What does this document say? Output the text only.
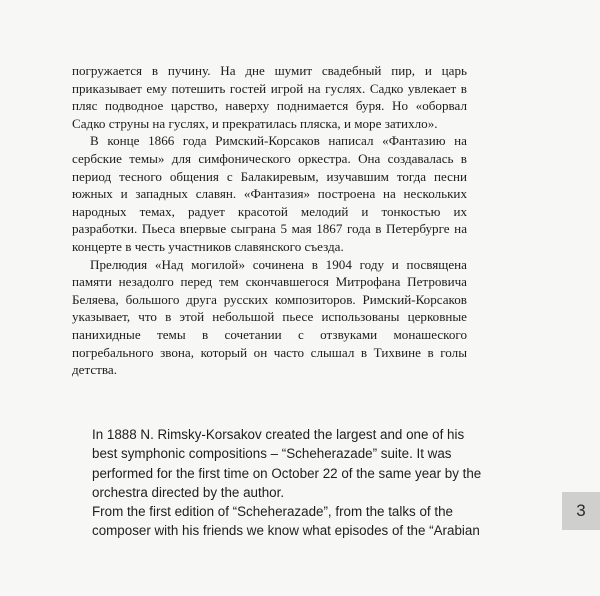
погружается в пучину. На дне шумит свадебный пир, и царь приказывает ему потешить гостей игрой на гуслях. Садко увлекает в пляс подводное царство, наверху поднимается буря. Но «оборвал Садко струны на гуслях, и прекратилась пляска, и море затихло».

В конце 1866 года Римский-Корсаков написал «Фантазию на сербские темы» для симфонического оркестра. Она создавалась в период тесного общения с Балакиревым, изучавшим тогда песни южных и западных славян. «Фантазия» построена на нескольких народных темах, радует красотой мелодий и тонкостью их разработки. Пьеса впервые сыграна 5 мая 1867 года в Петербурге на концерте в честь участников славянского съезда.

Прелюдия «Над могилой» сочинена в 1904 году и посвящена памяти незадолго перед тем скончавшегося Митрофана Петровича Беляева, большого друга русских композиторов. Римский-Корсаков указывает, что в этой небольшой пьесе использованы церковные панихидные темы в сочетании с отзвуками монашеского погребального звона, который он часто слышал в Тихвине в голы детства.

In 1888 N. Rimsky-Korsakov created the largest and one of his best symphonic compositions – “Scheherazade” suite. It was performed for the first time on October 22 of the same year by the orchestra directed by the author.

From the first edition of “Scheherazade”, from the talks of the composer with his friends we know what episodes of the “Arabian

3
